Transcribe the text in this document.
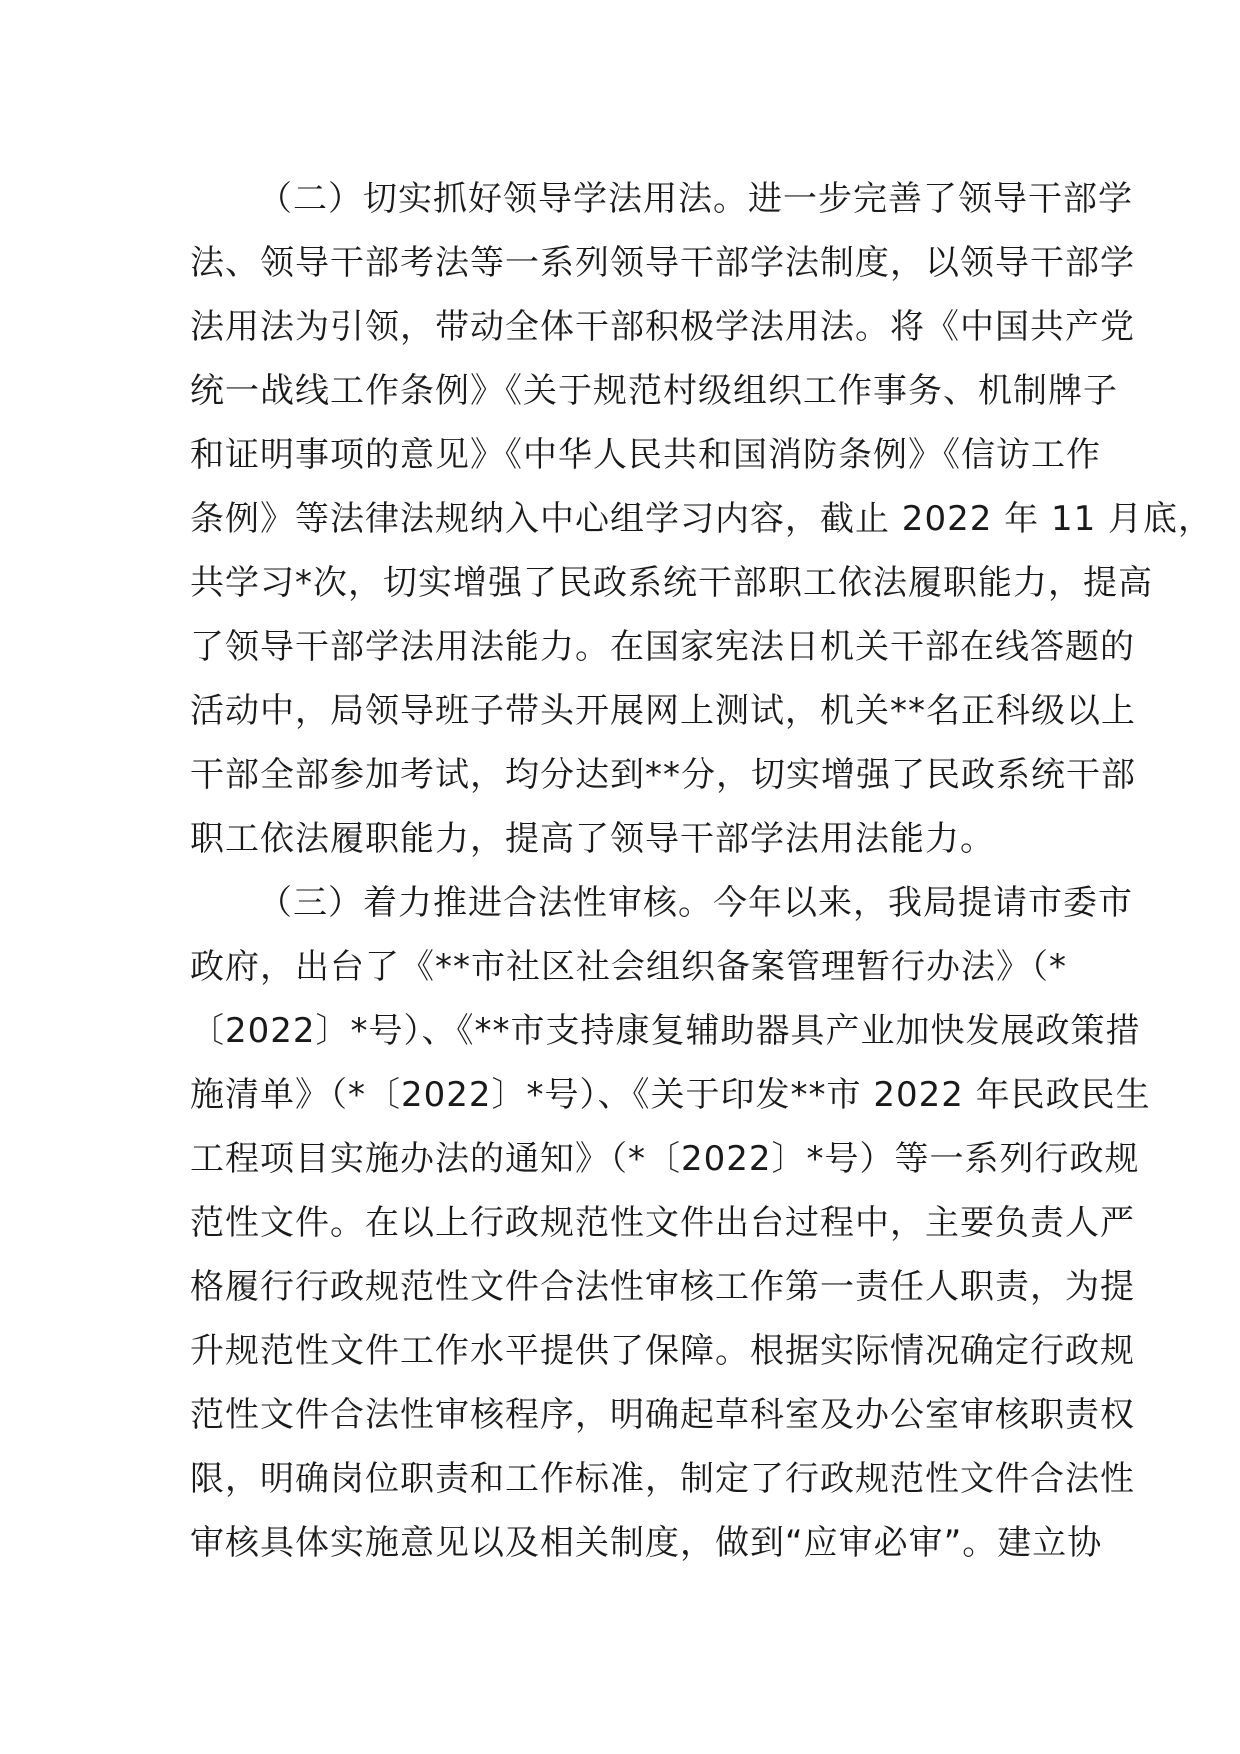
（二）切实抓好领导学法用法。进一步完善了领导干部学
法、领导干部考法等一系列领导干部学法制度，以领导干部学
法用法为引领，带动全体干部积极学法用法。将《中国共产党
统一战线工作条例》《关于规范村级组织工作事务、机制牌子
和证明事项的意见》《中华人民共和国消防条例》《信访工作
条例》等法律法规纳入中心组学习内容，截止 2022 年 11 月底，
共学习*次，切实增强了民政系统干部职工依法履职能力，提高
了领导干部学法用法能力。在国家宪法日机关干部在线答题的
活动中，局领导班子带头开展网上测试，机关**名正科级以上
干部全部参加考试，均分达到**分，切实增强了民政系统干部
职工依法履职能力，提高了领导干部学法用法能力。
（三）着力推进合法性审核。今年以来，我局提请市委市
政府，出台了《**市社区社会组织备案管理暂行办法》（*
〔2022〕*号）、《**市支持康复辅助器具产业加快发展政策措
施清单》（*〔2022〕*号）、《关于印发**市 2022 年民政民生
工程项目实施办法的通知》（*〔2022〕*号）等一系列行政规
范性文件。在以上行政规范性文件出台过程中，主要负责人严
格履行行政规范性文件合法性审核工作第一责任人职责，为提
升规范性文件工作水平提供了保障。根据实际情况确定行政规
范性文件合法性审核程序，明确起草科室及办公室审核职责权
限，明确岗位职责和工作标准，制定了行政规范性文件合法性
审核具体实施意见以及相关制度，做到“应审必审”。建立协
